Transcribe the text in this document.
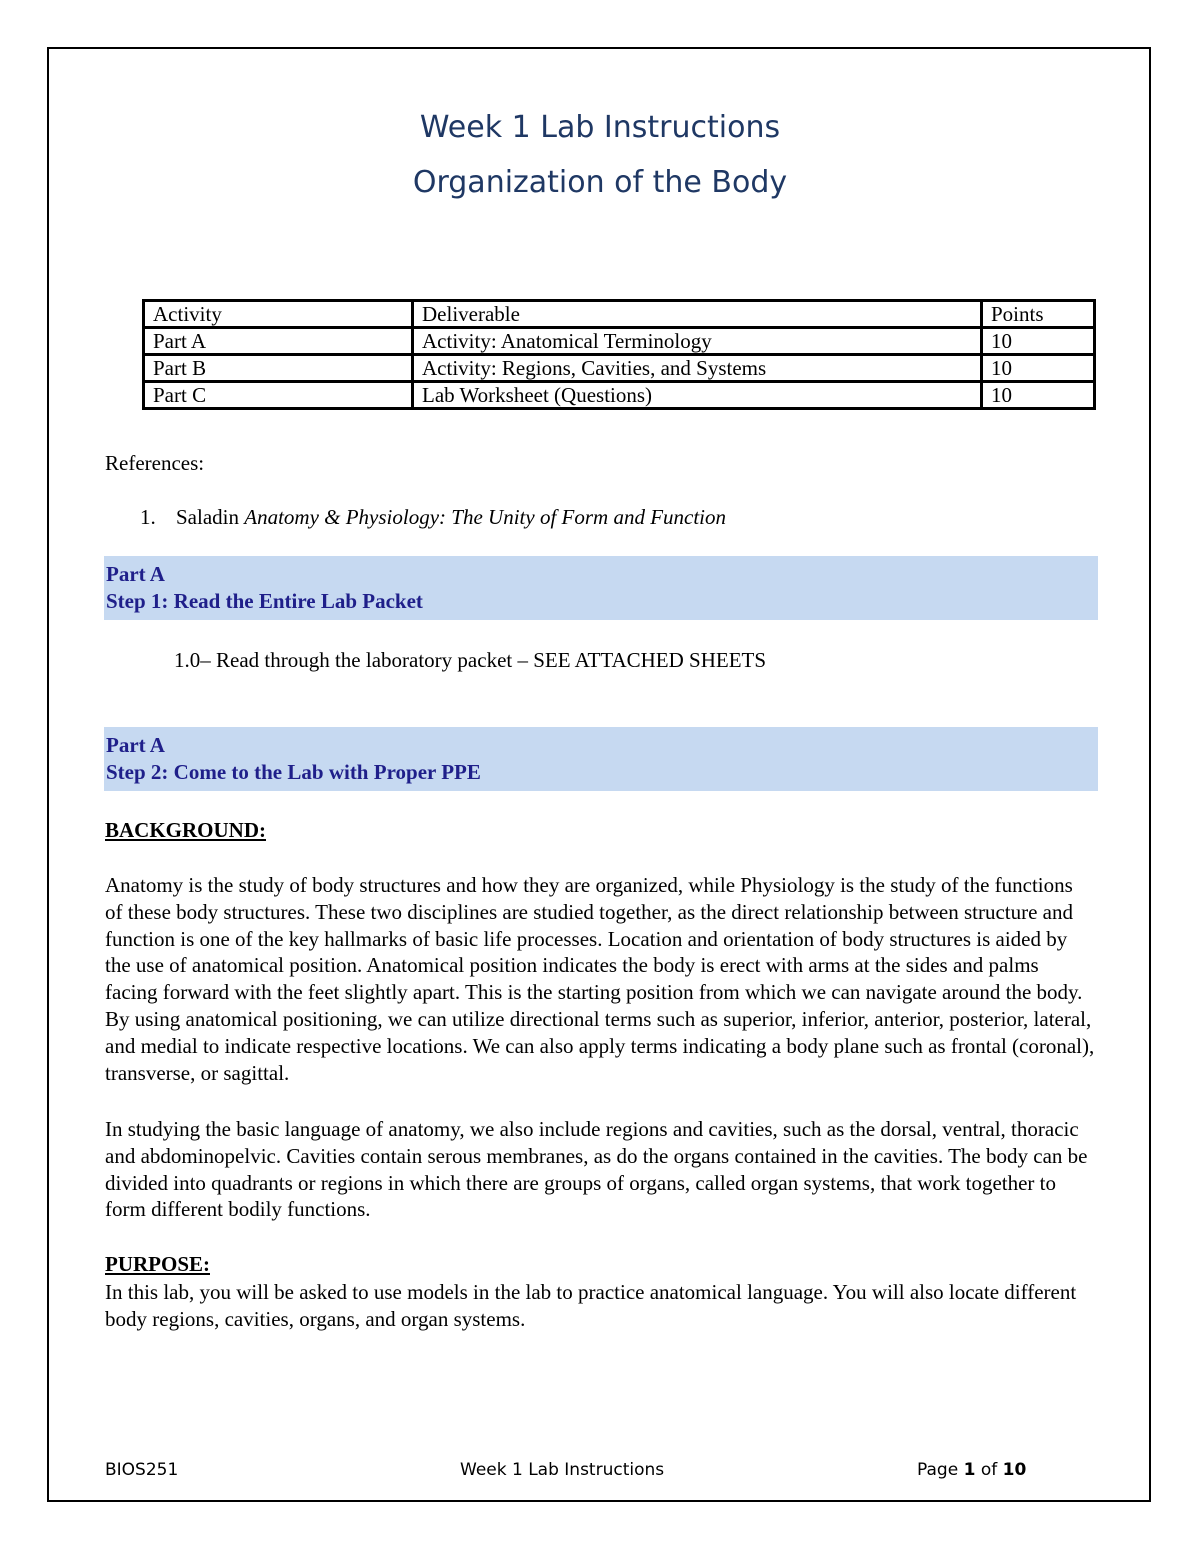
Week 1 Lab Instructions
Organization of the Body
Activity	Deliverable	Points
Part A	Activity: Anatomical Terminology	10
Part B	Activity: Regions, Cavities, and Systems	10
Part C	Lab Worksheet (Questions)	10
References:
1. Saladin Anatomy & Physiology: The Unity of Form and Function
Part A
Step 1: Read the Entire Lab Packet
1.0– Read through the laboratory packet – SEE ATTACHED SHEETS
Part A
Step 2: Come to the Lab with Proper PPE
BACKGROUND:

Anatomy is the study of body structures and how they are organized, while Physiology is the study of the functions of these body structures. These two disciplines are studied together, as the direct relationship between structure and function is one of the key hallmarks of basic life processes. Location and orientation of body structures is aided by the use of anatomical position. Anatomical position indicates the body is erect with arms at the sides and palms facing forward with the feet slightly apart. This is the starting position from which we can navigate around the body. By using anatomical positioning, we can utilize directional terms such as superior, inferior, anterior, posterior, lateral, and medial to indicate respective locations. We can also apply terms indicating a body plane such as frontal (coronal), transverse, or sagittal.

In studying the basic language of anatomy, we also include regions and cavities, such as the dorsal, ventral, thoracic and abdominopelvic. Cavities contain serous membranes, as do the organs contained in the cavities. The body can be divided into quadrants or regions in which there are groups of organs, called organ systems, that work together to form different bodily functions.

PURPOSE:

In this lab, you will be asked to use models in the lab to practice anatomical language. You will also locate different body regions, cavities, organs, and organ systems.

BIOS251	Week 1 Lab Instructions	Page 1 of 10
